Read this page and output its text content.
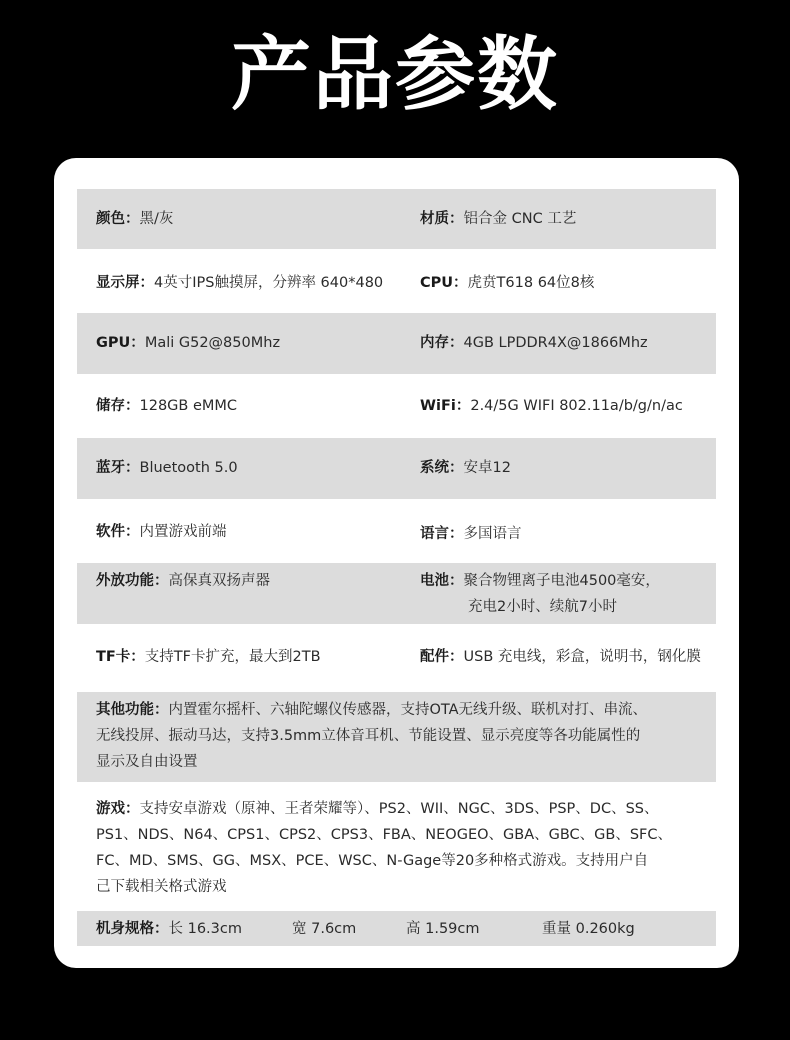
产品参数
颜色：黑/灰	材质：铝合金 CNC 工艺
显示屏：4英寸IPS触摸屏，分辨率 640*480	CPU：虎贲T618 64位8核
GPU：Mali G52@850Mhz	内存：4GB LPDDR4X@1866Mhz
储存：128GB eMMC	WiFi：2.4/5G WIFI 802.11a/b/g/n/ac
蓝牙：Bluetooth 5.0	系统：安卓12
软件：内置游戏前端	语言：多国语言
外放功能：高保真双扬声器	电池：聚合物锂离子电池4500毫安，
充电2小时、续航7小时
TF卡：支持TF卡扩充，最大到2TB	配件：USB 充电线，彩盒，说明书，钢化膜
其他功能：内置霍尔摇杆、六轴陀螺仪传感器，支持OTA无线升级、联机对打、串流、
无线投屏、振动马达，支持3.5mm立体音耳机、节能设置、显示亮度等各功能属性的
显示及自由设置
游戏：支持安卓游戏（原神、王者荣耀等）、PS2、WII、NGC、3DS、PSP、DC、SS、
PS1、NDS、N64、CPS1、CPS2、CPS3、FBA、NEOGEO、GBA、GBC、GB、SFC、
FC、MD、SMS、GG、MSX、PCE、WSC、N-Gage等20多种格式游戏。支持用户自
己下载相关格式游戏
机身规格：长 16.3cm	宽 7.6cm	高 1.59cm	重量 0.260kg
